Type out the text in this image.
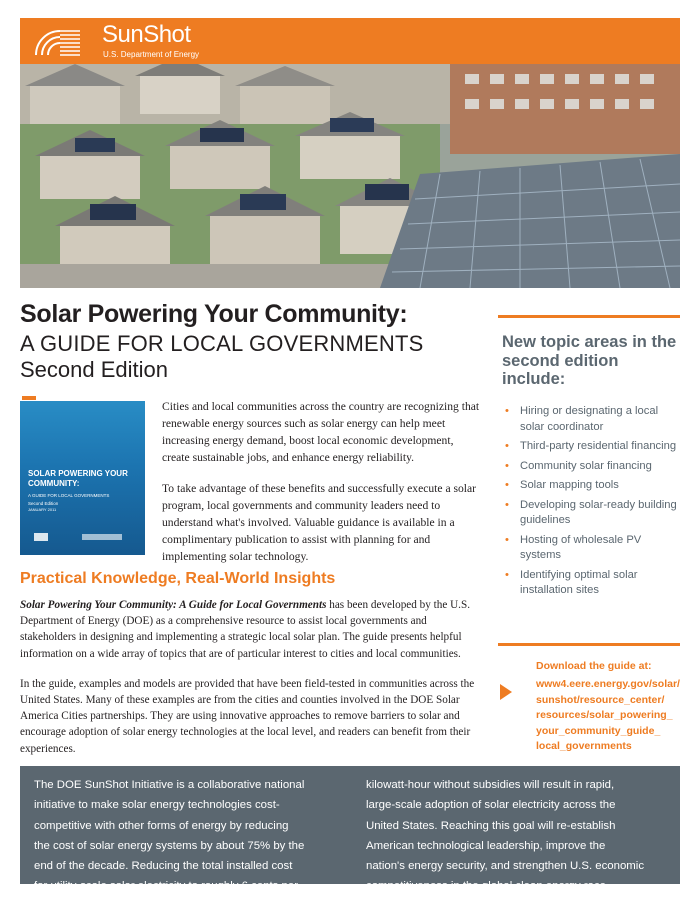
SunShot
U.S. Department of Energy
Solar Powering Your Community:
A GUIDE FOR LOCAL GOVERNMENTS
Second Edition
SOLAR POWERING YOUR COMMUNITY:
A GUIDE FOR LOCAL GOVERNMENTS
Second Edition
JANUARY 2011

Cities and local communities across the country are recognizing that renewable energy sources such as solar energy can help meet increasing energy demand, boost local economic development, create sustainable jobs, and enhance energy reliability.

To take advantage of these benefits and successfully execute a solar program, local governments and community leaders need to understand what's involved. Valuable guidance is available in a complimentary publication to assist with planning for and implementing solar technology.

Practical Knowledge, Real-World Insights

Solar Powering Your Community: A Guide for Local Governments has been developed by the U.S. Department of Energy (DOE) as a comprehensive resource to assist local governments and stakeholders in designing and implementing a strategic local solar plan. The guide presents helpful information on a wide array of topics that are of particular interest to cities and local communities.

In the guide, examples and models are provided that have been field-tested in communities across the United States. Many of these examples are from the cities and counties involved in the DOE Solar America Cities partnerships. They are using innovative approaches to remove barriers to solar and encourage adoption of solar energy technologies at the local level, and readers can benefit from their experiences.

New topic areas in the second edition include:
• Hiring or designating a local solar coordinator
• Third-party residential financing
• Community solar financing
• Solar mapping tools
• Developing solar-ready building guidelines
• Hosting of wholesale PV systems
• Identifying optimal solar installation sites
Download the guide at:
www4.eere.energy.gov/solar/
sunshot/resource_center/
resources/solar_powering_
your_community_guide_
local_governments
The DOE SunShot Initiative is a collaborative national
initiative to make solar energy technologies cost-
competitive with other forms of energy by reducing
the cost of solar energy systems by about 75% by the
end of the decade. Reducing the total installed cost
for utility-scale solar electricity to roughly 6 cents per
kilowatt-hour without subsidies will result in rapid,
large-scale adoption of solar electricity across the
United States. Reaching this goal will re-establish
American technological leadership, improve the
nation's energy security, and strengthen U.S. economic
competitiveness in the global clean energy race.
